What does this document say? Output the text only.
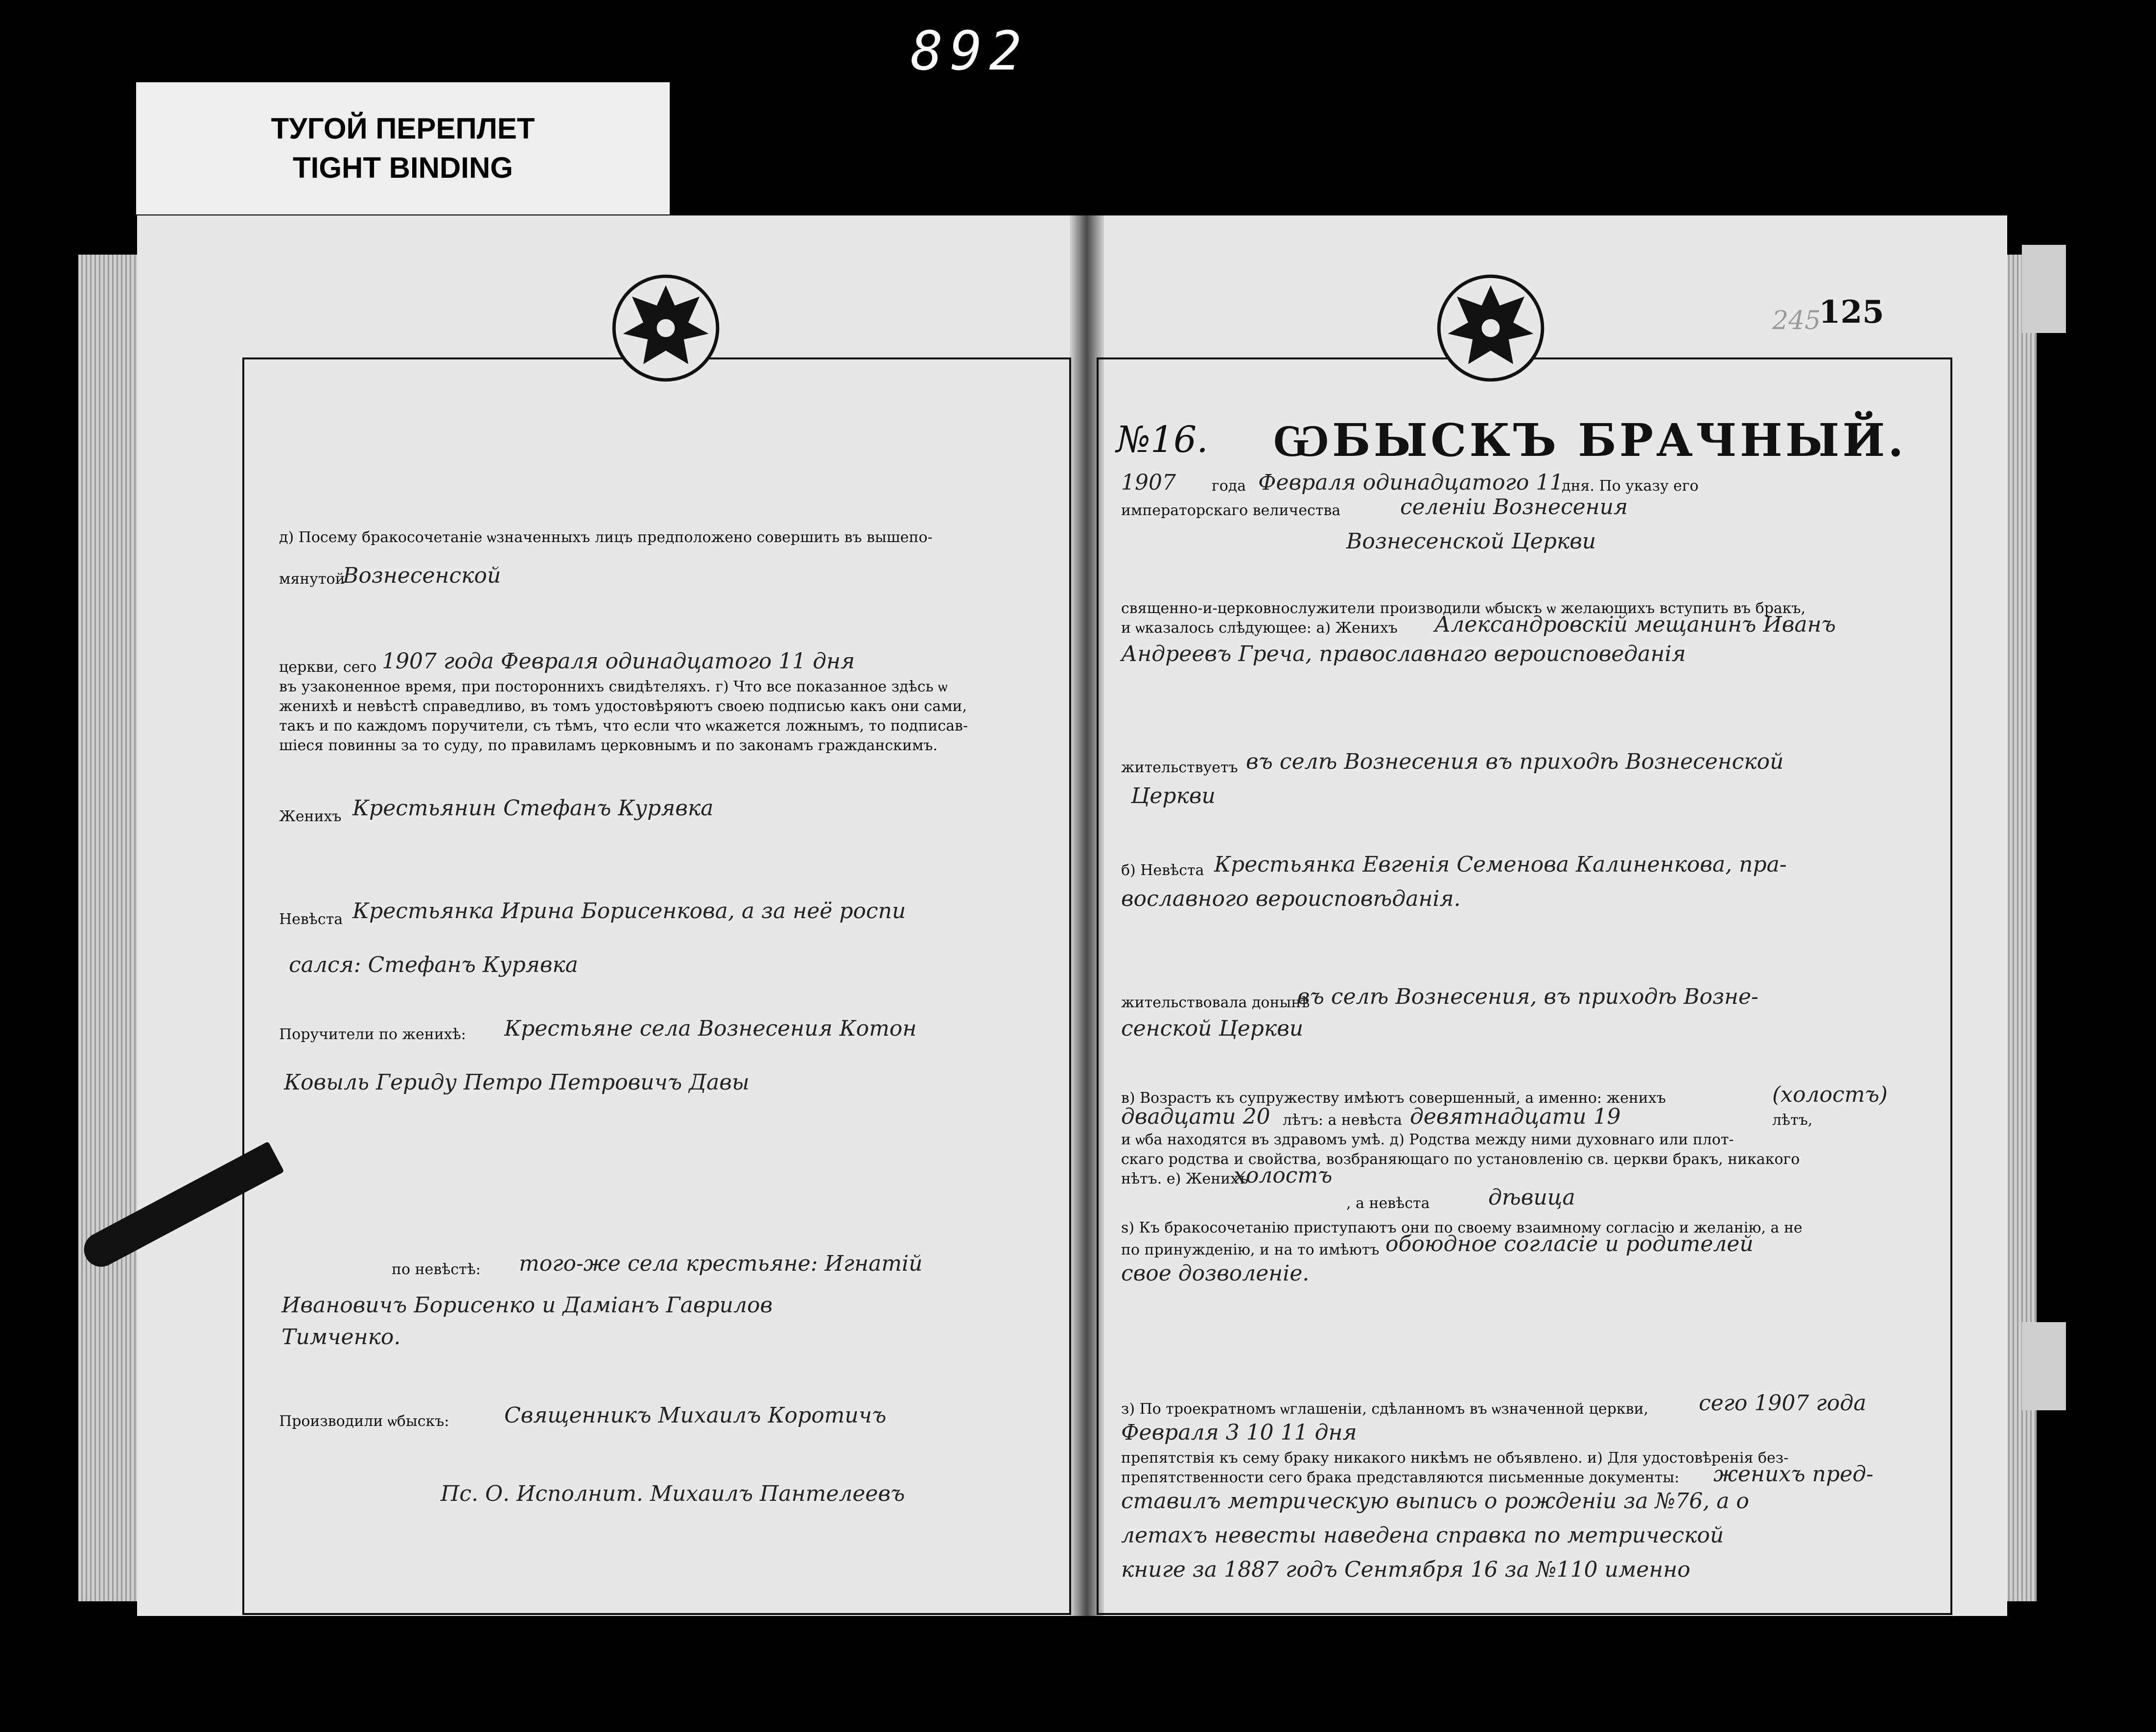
892
ТУГОЙ ПЕРЕПЛЕТ
TIGHT BINDING
245
125
д) Посему бракосочетаніе ѡзначенныхъ лицъ предположено совершить въ вышепо-
мянутой
Вознесенской
церкви, сего 1907 года Февраля одинадцатого 11 дня
въ узаконенное время, при постороннихъ свидѣтеляхъ. г) Что все показанное здѣсь ѡ
женихѣ и невѣстѣ справедливо, въ томъ удостовѣряютъ своею подписью какъ они сами,
такъ и по каждомъ поручители, съ тѣмъ, что если что ѡкажется ложнымъ, то подписав-
шіеся повинны за то суду, по правиламъ церковнымъ и по законамъ гражданскимъ.
Женихъ Крестьянин Стефанъ Курявка
Невѣста Крестьянка Ирина Борисенкова, а за неё роспи
сался: Стефанъ Курявка
Поручители по женихѣ: Крестьяне села Вознесения Котон
Ковыль Гериду Петро Петровичъ Давы
по невѣстѣ: того-же села крестьяне: Игнатій
Ивановичъ Борисенко и Даміанъ Гаврилов
Тимченко.
Производили ѡбыскъ:	Священникъ Михаилъ Коротичъ
Пс. О. Исполнит. Михаилъ Пантелеевъ
№16. ѠБЫСКЪ БРАЧНЫЙ.
1907 года Февраля одинадцатого 11
дня. По указу его
императорскаго величества	селеніи Вознесения
Вознесенской Церкви
священно-и-церковнослужители производили ѡбыскъ ѡ желающихъ вступить въ бракъ,
и ѡказалось слѣдующее: а) Женихъ Александровскій мещанинъ Иванъ
Андреевъ Греча, православнаго вероисповеданія
жительствуетъ въ селѣ Вознесения въ приходѣ Вознесенской
Церкви
б) Невѣста Крестьянка Евгенія Семенова Калиненкова, пра-
вославного вероисповѣданія.
жительствовала донынѣ
въ селѣ Вознесения, въ приходѣ Возне-
сенской Церкви
в) Возрастъ къ супружеству имѣютъ совершенный, а именно: женихъ	(холостъ)
двадцати 20 лѣтъ: а невѣста девятнадцати 19	лѣтъ,
и ѡба находятся въ здравомъ умѣ. д) Родства между ними духовнаго или плот-
скаго родства и свойства, возбраняющаго по установленію св. церкви бракъ, никакого
нѣтъ. е) Женихъ
холостъ
, а невѣста	дѣвица
ѕ) Къ бракосочетанію приступаютъ они по своему взаимному согласію и желанію, а не
по принужденію, и на то имѣютъ обоюдное согласіе и родителей
свое дозволеніе.
з) По троекратномъ ѡглашеніи, сдѣланномъ въ ѡзначенной церкви, сего 1907 года
Февраля 3 10 11 дня
препятствія къ сему браку никакого никѣмъ не объявлено. и) Для удостовѣренія без-
препятственности сего брака представляются письменные документы: женихъ пред-
ставилъ метрическую выпись о рожденіи за №76, а о
летахъ невесты наведена справка по метрической
книге за 1887 годъ Сентября 16 за №110 именно
